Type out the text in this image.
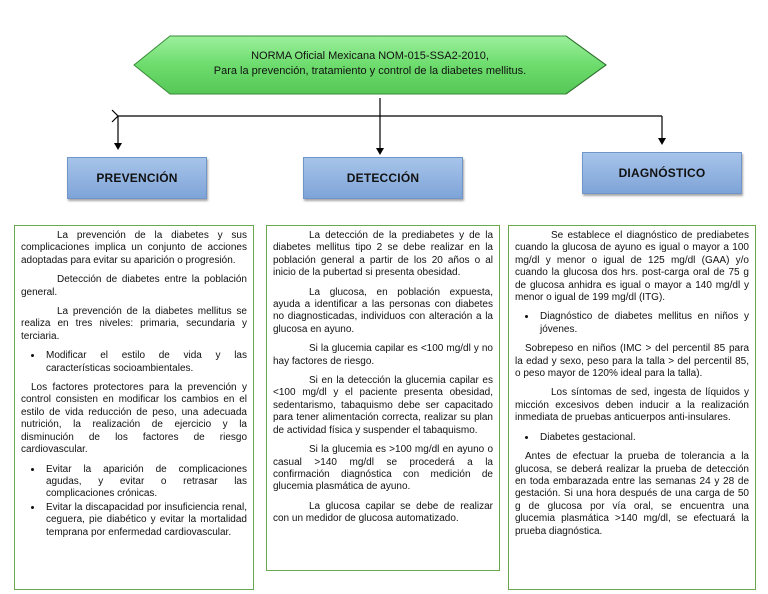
NORMA Oficial Mexicana NOM-015-SSA2-2010,
Para la prevención, tratamiento y control de la diabetes mellitus.
PREVENCIÓN	DETECCIÓN	DIAGNÓSTICO

La prevención de la diabetes y sus complicaciones implica un conjunto de acciones adoptadas para evitar su aparición o progresión.

Detección de diabetes entre la población general.

La prevención de la diabetes mellitus se realiza en tres niveles: primaria, secundaria y terciaria.

• Modificar el estilo de vida y las características socioambientales.

Los factores protectores para la prevención y control consisten en modificar los cambios en el estilo de vida reducción de peso, una adecuada nutrición, la realización de ejercicio y la disminución de los factores de riesgo cardiovascular.

• Evitar la aparición de complicaciones agudas, y evitar o retrasar las complicaciones crónicas.
• Evitar la discapacidad por insuficiencia renal, ceguera, pie diabético y evitar la mortalidad temprana por enfermedad cardiovascular.

La detección de la prediabetes y de la diabetes mellitus tipo 2 se debe realizar en la población general a partir de los 20 años o al inicio de la pubertad si presenta obesidad.

La glucosa, en población expuesta, ayuda a identificar a las personas con diabetes no diagnosticadas, individuos con alteración a la glucosa en ayuno.

Si la glucemia capilar es <100 mg/dl y no hay factores de riesgo.

Si en la detección la glucemia capilar es <100 mg/dl y el paciente presenta obesidad, sedentarismo, tabaquismo debe ser capacitado para tener alimentación correcta, realizar su plan de actividad física y suspender el tabaquismo.

Si la glucemia es >100 mg/dl en ayuno o casual >140 mg/dl se procederá a la confirmación diagnóstica con medición de glucemia plasmática de ayuno.

La glucosa capilar se debe de realizar con un medidor de glucosa automatizado.

Se establece el diagnóstico de prediabetes cuando la glucosa de ayuno es igual o mayor a 100 mg/dl y menor o igual de 125 mg/dl (GAA) y/o cuando la glucosa dos hrs. post-carga oral de 75 g de glucosa anhidra es igual o mayor a 140 mg/dl y menor o igual de 199 mg/dl (ITG).

• Diagnóstico de diabetes mellitus en niños y jóvenes.

Sobrepeso en niños (IMC > del percentil 85 para la edad y sexo, peso para la talla > del percentil 85, o peso mayor de 120% ideal para la talla).

Los síntomas de sed, ingesta de líquidos y micción excesivos deben inducir a la realización inmediata de pruebas anticuerpos anti-insulares.

• Diabetes gestacional.

Antes de efectuar la prueba de tolerancia a la glucosa, se deberá realizar la prueba de detección en toda embarazada entre las semanas 24 y 28 de gestación. Si una hora después de una carga de 50 g de glucosa por vía oral, se encuentra una glucemia plasmática >140 mg/dl, se efectuará la prueba diagnóstica.
